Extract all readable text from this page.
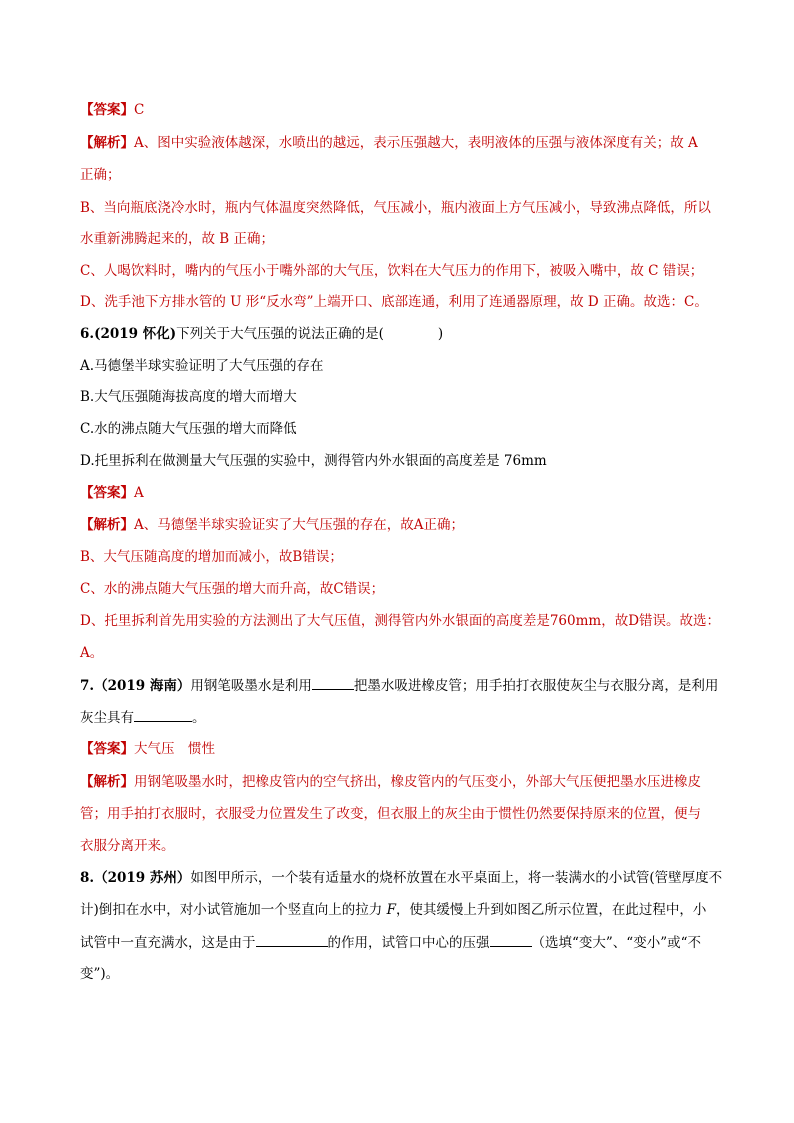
【答案】C
【解析】A、图中实验液体越深，水喷出的越远，表示压强越大，表明液体的压强与液体深度有关；故 A
正确；
B、当向瓶底浇冷水时，瓶内气体温度突然降低，气压减小，瓶内液面上方气压减小，导致沸点降低，所以
水重新沸腾起来的，故 B 正确；
C、人喝饮料时，嘴内的气压小于嘴外部的大气压，饮料在大气压力的作用下，被吸入嘴中，故 C 错误；
D、洗手池下方排水管的 U 形“反水弯”上端开口、底部连通，利用了连通器原理，故 D 正确。故选：C。
6.(2019 怀化)下列关于大气压强的说法正确的是(　　　　)
A.马德堡半球实验证明了大气压强的存在
B.大气压强随海拔高度的增大而增大
C.水的沸点随大气压强的增大而降低
D.托里拆利在做测量大气压强的实验中，测得管内外水银面的高度差是 76mm
【答案】A
【解析】A、马德堡半球实验证实了大气压强的存在，故A正确；
B、大气压随高度的增加而减小，故B错误；
C、水的沸点随大气压强的增大而升高，故C错误；
D、托里拆利首先用实验的方法测出了大气压值，测得管内外水银面的高度差是760mm，故D错误。故选：
A。
7.（2019 海南）用钢笔吸墨水是利用	把墨水吸进橡皮管；用手拍打衣服使灰尘与衣服分离，是利用
灰尘具有	。
【答案】大气压　惯性
【解析】用钢笔吸墨水时，把橡皮管内的空气挤出，橡皮管内的气压变小，外部大气压便把墨水压进橡皮
管；用手拍打衣服时，衣服受力位置发生了改变，但衣服上的灰尘由于惯性仍然要保持原来的位置，便与
衣服分离开来。
8.（2019 苏州）如图甲所示，一个装有适量水的烧杯放置在水平桌面上，将一装满水的小试管(管壁厚度不
计)倒扣在水中，对小试管施加一个竖直向上的拉力 F，使其缓慢上升到如图乙所示位置，在此过程中，小
试管中一直充满水，这是由于	的作用，试管口中心的压强	（选填“变大”、“变小”或“不
变”)。
